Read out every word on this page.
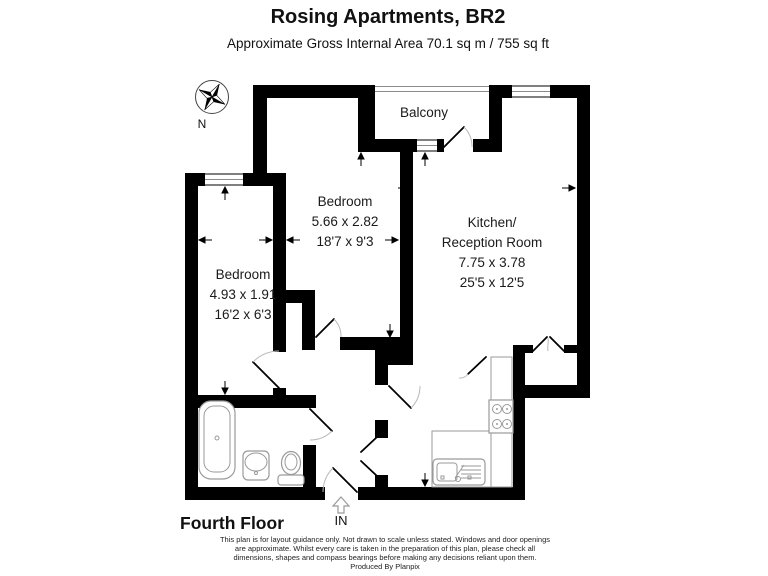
Rosing Apartments, BR2
Approximate Gross Internal Area 70.1 sq m / 755 sq ft
N
Balcony
Bedroom
5.66 x 2.82
18'7 x 9'3
Kitchen/
Reception Room
7.75 x 3.78
25'5 x 12'5
Bedroom
4.93 x 1.91
16'2 x 6'3
IN
Fourth Floor
This plan is for layout guidance only. Not drawn to scale unless stated. Windows and door openings
are approximate. Whilst every care is taken in the preparation of this plan, please check all
dimensions, shapes and compass bearings before making any decisions reliant upon them.
Produced By Planpix
